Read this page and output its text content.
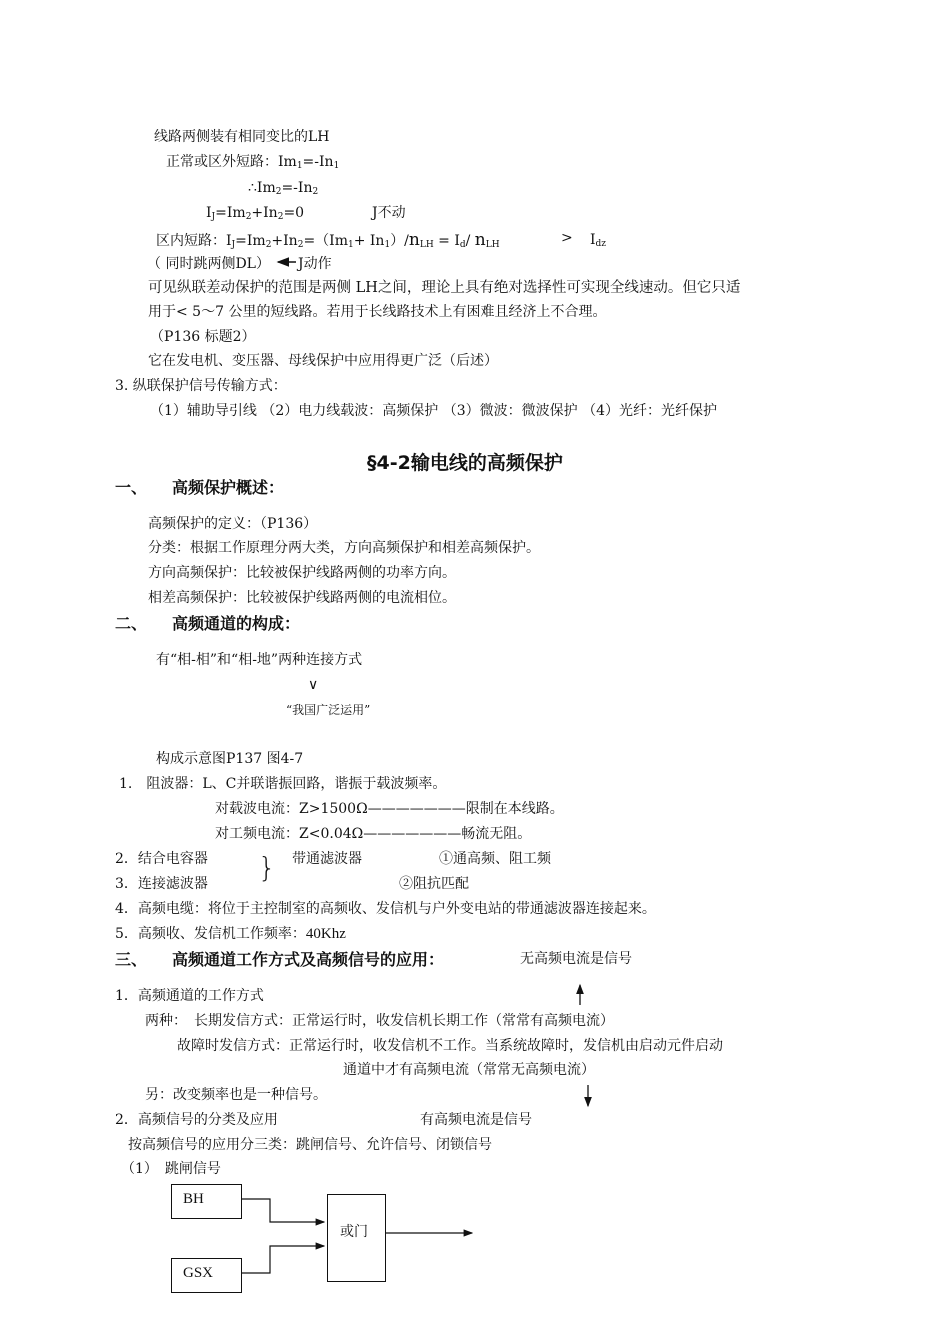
线路两侧装有相同变比的LH
正常或区外短路：$Im_1=-In_1$
$\therefore Im_2=-In_2$
$I_J=Im_2+In_2=0$	J不动
区内短路：$I_J=Im_2+In_2=(Im_1+ In_1)/n_{LH} = I_d/$ $n_{LH}$	> $I_{dz}$
（ 同时跳两侧DL） J动作
可见纵联差动保护的范围是两侧 LH之间，理论上具有绝对选择性可实现全线速动。但它只适
用于< 5～7 公里的短线路。若用于长线路技术上有困难且经济上不合理。
（P136 标题2）
它在发电机、变压器、母线保护中应用得更广泛（后述）
3. 纵联保护信号传输方式：
（1）辅助导引线 （2）电力线载波：高频保护 （3）微波：微波保护 （4）光纤：光纤保护
§4-2输电线的高频保护
一、 高频保护概述：
高频保护的定义：（P136）
分类：根据工作原理分两大类，方向高频保护和相差高频保护。
方向高频保护：比较被保护线路两侧的功率方向。
相差高频保护：比较被保护线路两侧的电流相位。
二、 高频通道的构成：
有“相-相”和“相-地”两种连接方式
∨
“我国广泛运用”
构成示意图P137 图4-7
1.　阻波器：L、C并联谐振回路，谐振于载波频率。
对载波电流：Z>1500Ω———————限制在本线路。
对工频电流：Z<0.04Ω———————畅流无阻。
2．结合电容器	带通滤波器	①通高频、阻工频
}
3．连接滤波器	②阻抗匹配
4．高频电缆：将位于主控制室的高频收、发信机与户外变电站的带通滤波器连接起来。
5．高频收、发信机工作频率：40Khz
三、 高频通道工作方式及高频信号的应用：	无高频电流是信号
1．高频通道的工作方式
两种：　长期发信方式：正常运行时，收发信机长期工作（常常有高频电流）
故障时发信方式：正常运行时，收发信机不工作。当系统故障时，发信机由启动元件启动
通道中才有高频电流（常常无高频电流）
另：改变频率也是一种信号。
2．高频信号的分类及应用	有高频电流是信号
按高频信号的应用分三类：跳闸信号、允许信号、闭锁信号
（1）　跳闸信号
BH
GSX
或门
